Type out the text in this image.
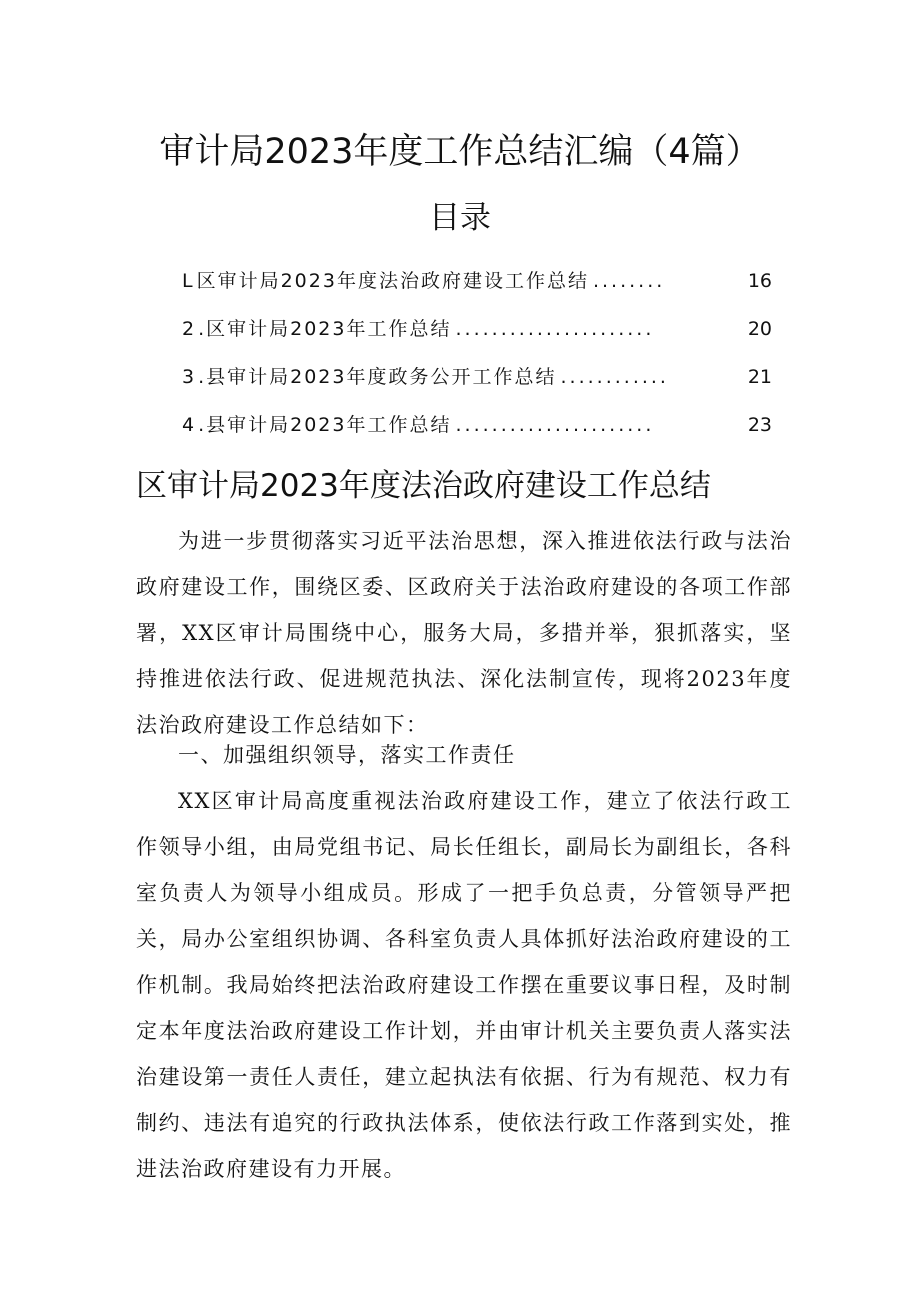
审计局2023年度工作总结汇编（4篇）
目录
L 区审计局2023年度法治政府建设工作总结 ........	16
2 .区审计局2023年工作总结 ......................	20
3 .县审计局2023年度政务公开工作总结 ............	21
4 .县审计局2023年工作总结 ......................	23
区审计局2023年度法治政府建设工作总结

为进一步贯彻落实习近平法治思想，深入推进依法行政与法治政府建设工作，围绕区委、区政府关于法治政府建设的各项工作部署，XX区审计局围绕中心，服务大局，多措并举，狠抓落实，坚持推进依法行政、促进规范执法、深化法制宣传，现将2023年度法治政府建设工作总结如下：

一、加强组织领导，落实工作责任

XX区审计局高度重视法治政府建设工作，建立了依法行政工作领导小组，由局党组书记、局长任组长，副局长为副组长，各科室负责人为领导小组成员。形成了一把手负总责，分管领导严把关，局办公室组织协调、各科室负责人具体抓好法治政府建设的工作机制。我局始终把法治政府建设工作摆在重要议事日程，及时制定本年度法治政府建设工作计划，并由审计机关主要负责人落实法治建设第一责任人责任，建立起执法有依据、行为有规范、权力有制约、违法有追究的行政执法体系，使依法行政工作落到实处，推进法治政府建设有力开展。
